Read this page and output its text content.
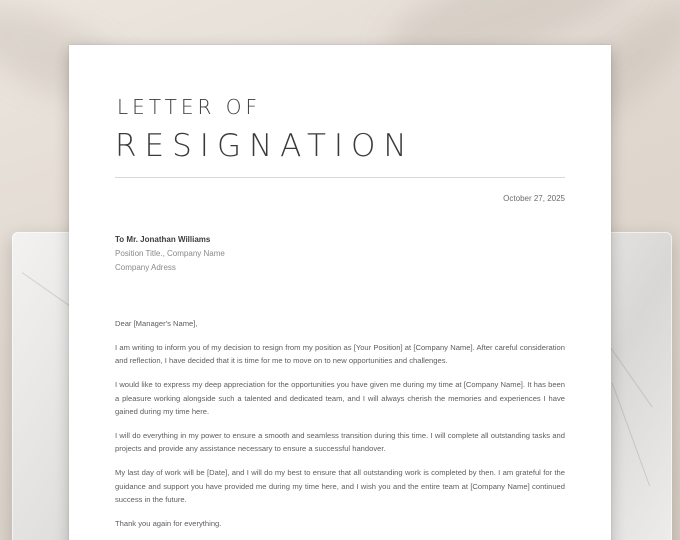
LETTER OF
RESIGNATION
October 27, 2025
To Mr. Jonathan Williams
Position Title., Company Name
Company Adress

Dear [Manager's Name],

I am writing to inform you of my decision to resign from my position as [Your Position] at [Company Name]. After careful consideration and reflection, I have decided that it is time for me to move on to new opportunities and challenges.

I would like to express my deep appreciation for the opportunities you have given me during my time at [Company Name]. It has been a pleasure working alongside such a talented and dedicated team, and I will always cherish the memories and experiences I have gained during my time here.

I will do everything in my power to ensure a smooth and seamless transition during this time. I will complete all outstanding tasks and projects and provide any assistance necessary to ensure a successful handover.

My last day of work will be [Date], and I will do my best to ensure that all outstanding work is completed by then. I am grateful for the guidance and support you have provided me during my time here, and I wish you and the entire team at [Company Name] continued success in the future.

Thank you again for everything.
